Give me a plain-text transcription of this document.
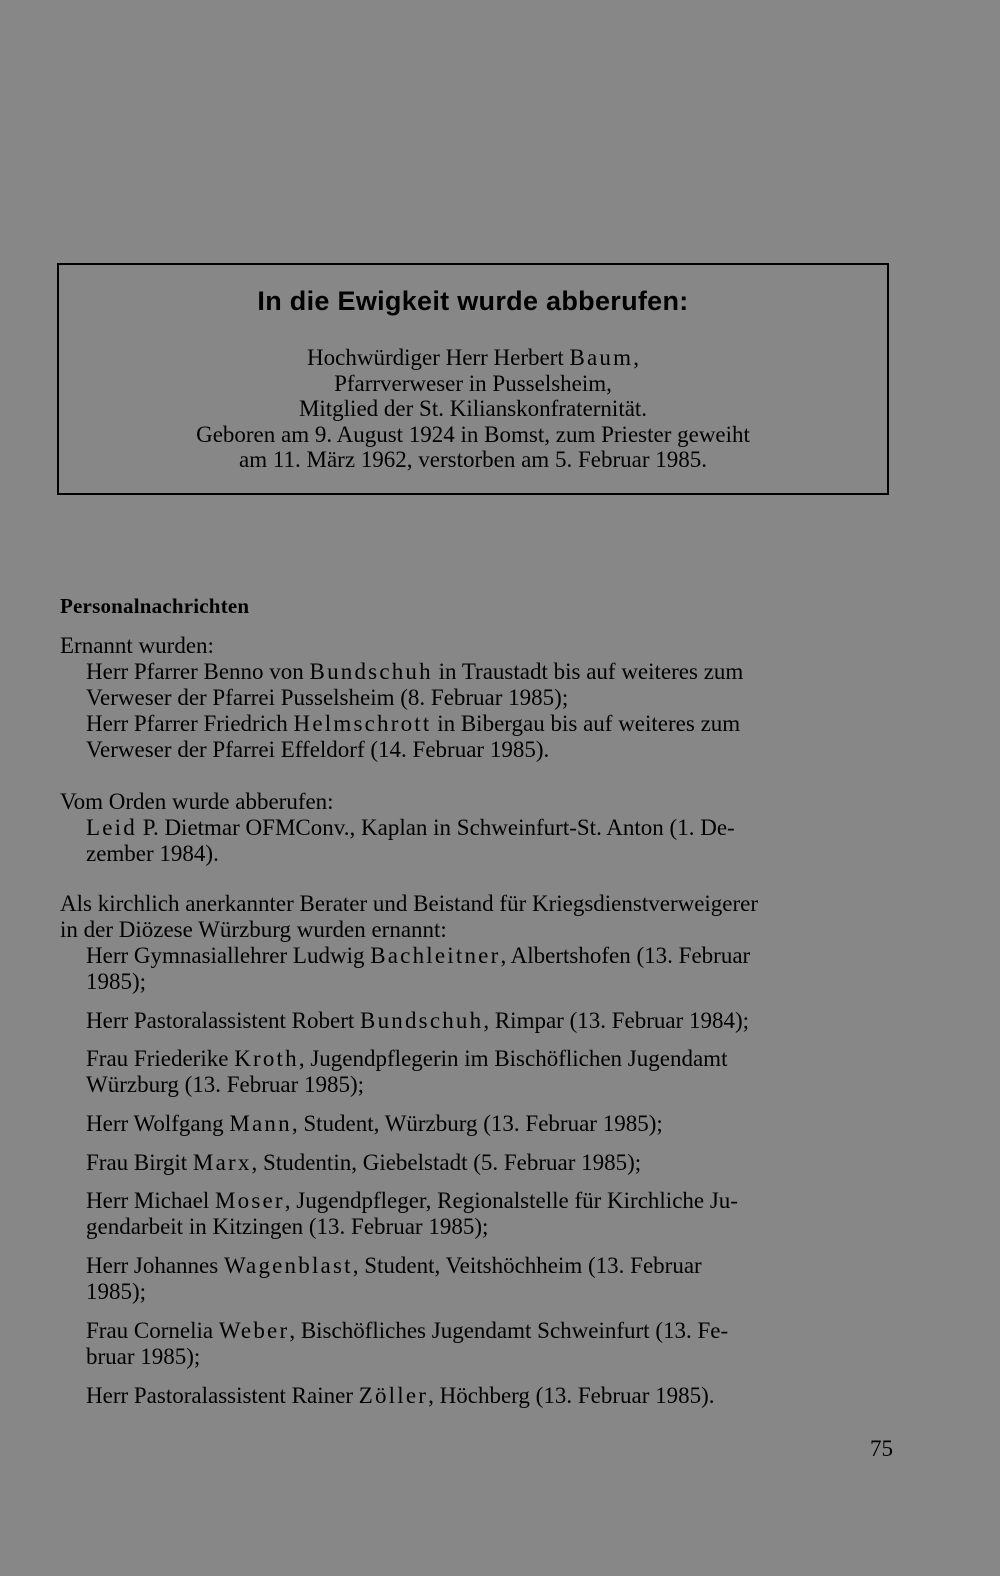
In die Ewigkeit wurde abberufen:
Hochwürdiger Herr Herbert Baum,
Pfarrverweser in Pusselsheim,
Mitglied der St. Kilianskonfraternität.
Geboren am 9. August 1924 in Bomst, zum Priester geweiht
am 11. März 1962, verstorben am 5. Februar 1985.
Personalnachrichten
Ernannt wurden:
Herr Pfarrer Benno von Bundschuh in Traustadt bis auf weiteres zum
Verweser der Pfarrei Pusselsheim (8. Februar 1985);
Herr Pfarrer Friedrich Helmschrott in Bibergau bis auf weiteres zum
Verweser der Pfarrei Effeldorf (14. Februar 1985).
Vom Orden wurde abberufen:
Leid P. Dietmar OFMConv., Kaplan in Schweinfurt-St. Anton (1. De-
zember 1984).
Als kirchlich anerkannter Berater und Beistand für Kriegsdienstverweigerer
in der Diözese Würzburg wurden ernannt:
Herr Gymnasiallehrer Ludwig Bachleitner, Albertshofen (13. Februar
1985);
Herr Pastoralassistent Robert Bundschuh, Rimpar (13. Februar 1984);
Frau Friederike Kroth, Jugendpflegerin im Bischöflichen Jugendamt
Würzburg (13. Februar 1985);
Herr Wolfgang Mann, Student, Würzburg (13. Februar 1985);
Frau Birgit Marx, Studentin, Giebelstadt (5. Februar 1985);
Herr Michael Moser, Jugendpfleger, Regionalstelle für Kirchliche Ju-
gendarbeit in Kitzingen (13. Februar 1985);
Herr Johannes Wagenblast, Student, Veitshöchheim (13. Februar
1985);
Frau Cornelia Weber, Bischöfliches Jugendamt Schweinfurt (13. Fe-
bruar 1985);
Herr Pastoralassistent Rainer Zöller, Höchberg (13. Februar 1985).
75
